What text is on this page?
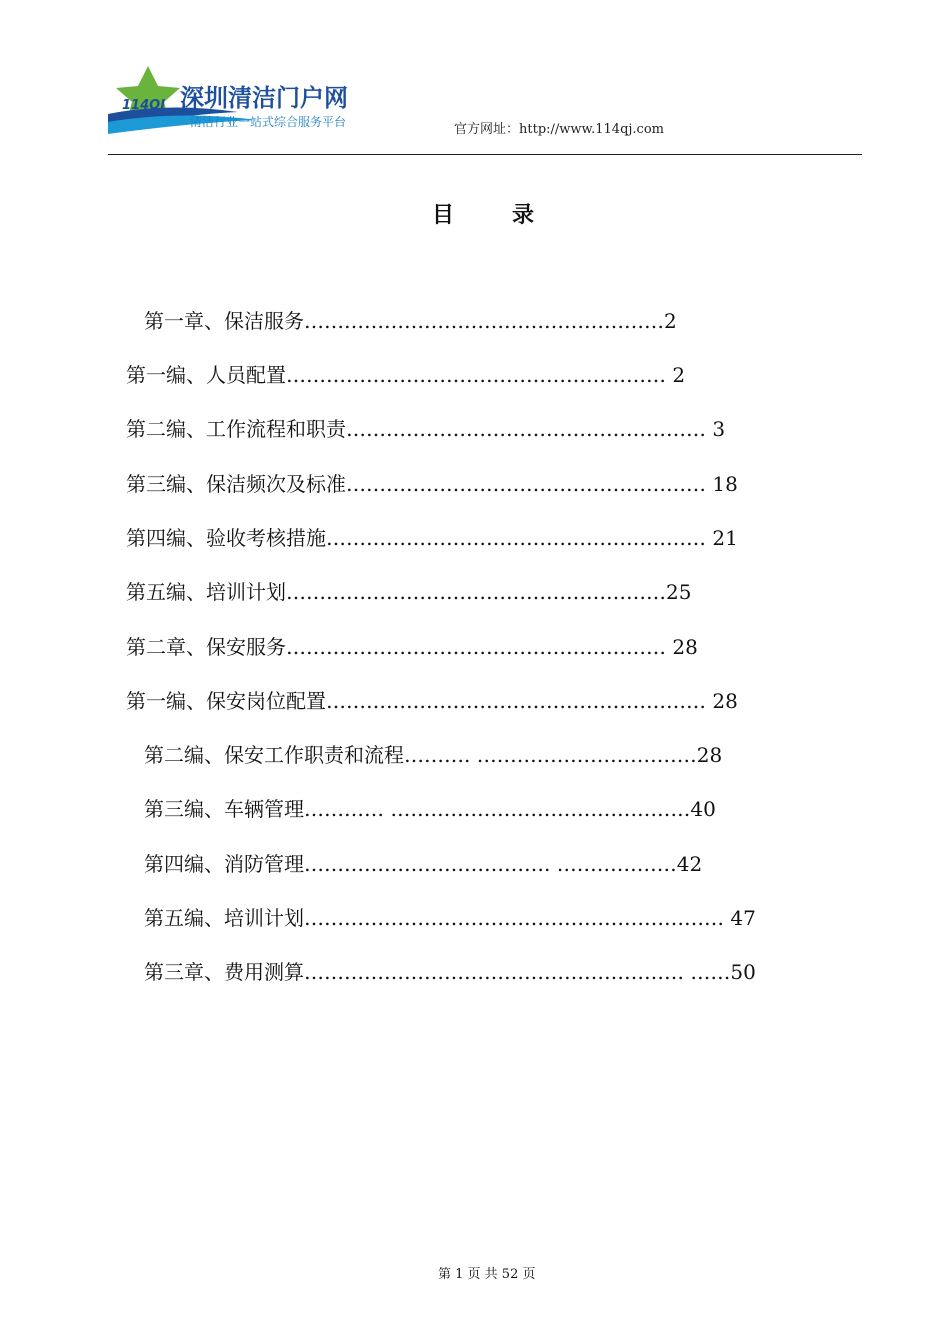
114QJ 深圳清洁门户网
清洁行业一站式综合服务平台	官方网址：http://www.114qj.com
目	录
第一章、保洁服务………………………………………………2
第一编、人员配置………………………………………………… 2
第二编、工作流程和职责……………………………………………… 3
第三编、保洁频次及标准……………………………………………… 18
第四编、验收考核措施………………………………………………… 21
第五编、培训计划…………………………………………………25
第二章、保安服务………………………………………………… 28
第一编、保安岗位配置………………………………………………… 28
第二编、保安工作职责和流程………. ……………………………28
第三编、车辆管理………… ………………………………………40
第四编、消防管理………………………………. ………………42
第五编、培训计划……………………………………………………… 47
第三章、费用测算………………………………………………… ……50
第 1 页 共 52 页
